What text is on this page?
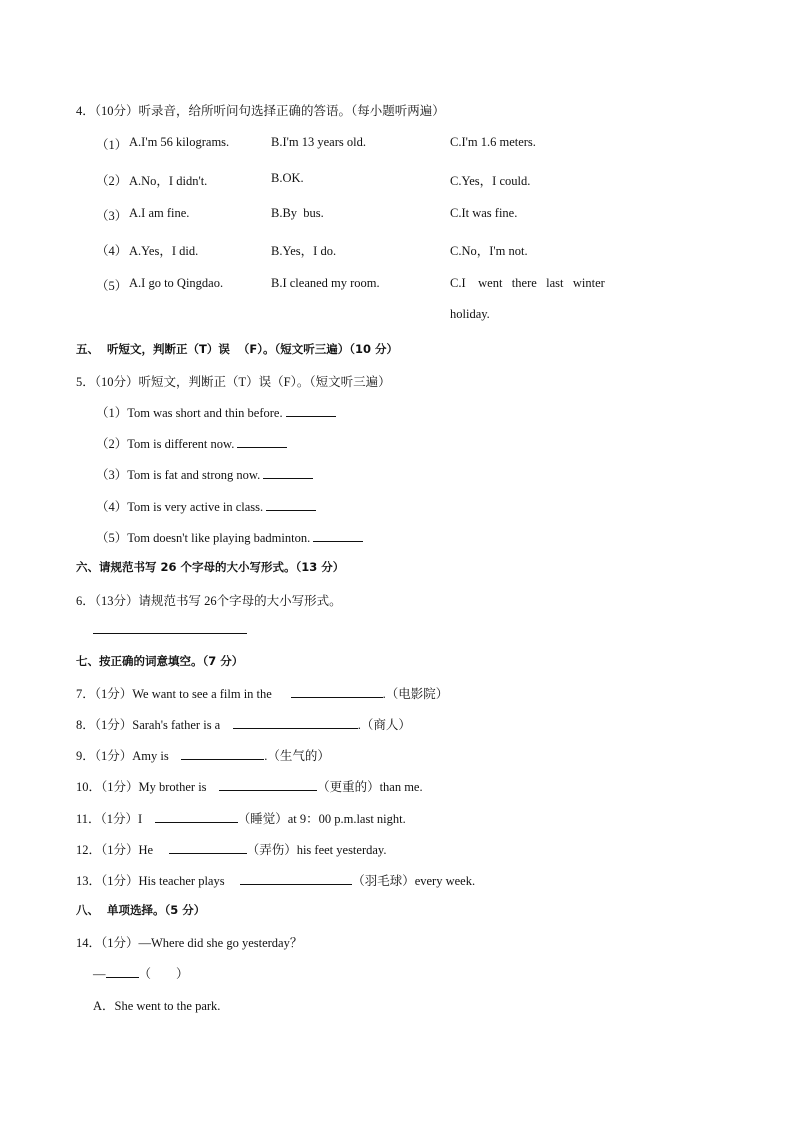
4．（10分）听录音，给所听问句选择正确的答语。（每小题听两遍）
（1） A.I'm 56 kilograms.	B.I'm 13 years old.	C.I'm 1.6 meters.
（2） A.No，I didn't.	B.OK.	C.Yes，I could.
（3） A.I am fine.	B.By  bus.	C.It was fine.
（4） A.Yes，I did.	B.Yes，I do.	C.No，I'm not.
（5） A.I go to Qingdao.	B.I cleaned my room.	C.I    went   there   last   winter
holiday.
五、  听短文，判断正（T）误  （F）。（短文听三遍）（10 分）
5．（10分）听短文，判断正（T）误（F）。（短文听三遍）
（1）Tom was short and thin before.
（2）Tom is different now.
（3）Tom is fat and strong now.
（4）Tom is very active in class.
（5）Tom doesn't like playing badminton.
六、请规范书写 26 个字母的大小写形式。（13 分）
6．（13分）请规范书写 26个字母的大小写形式。
七、按正确的词意填空。（7 分）
7．（1分）We want to see a film in the	.（电影院）
8．（1分）Sarah's father is a	.（商人）
9．（1分）Amy is	.（生气的）
10．（1分）My brother is	（更重的）than me.
11．（1分）I	（睡觉）at 9：00 p.m.last night.
12．（1分）He	（弄伤）his feet yesterday.
13．（1分）His teacher plays	（羽毛球）every week.
八、  单项选择。（5 分）
14．（1分）—Where did she go yesterday？
—	（        ）
A．She went to the park.
